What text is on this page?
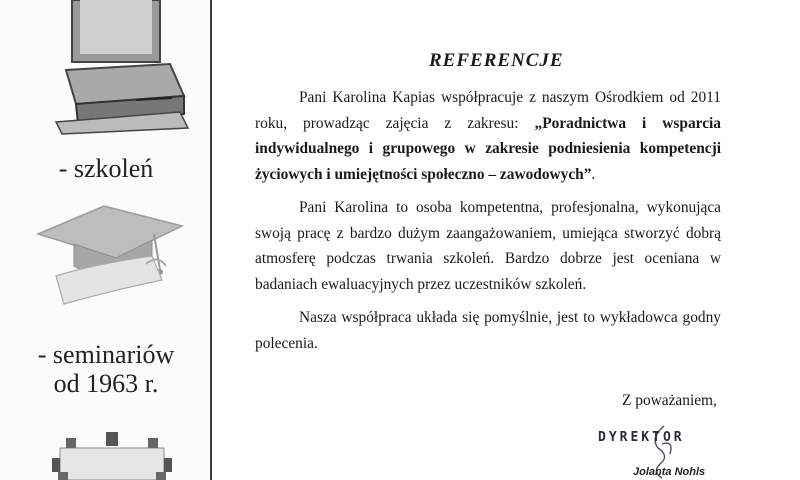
- szkoleń
- seminariów
od 1963 r.
REFERENCJE

Pani Karolina Kapias współpracuje z naszym Ośrodkiem od 2011 roku, prowadząc zajęcia z zakresu: „Poradnictwa i wsparcia indywidualnego i grupowego w zakresie podniesienia kompetencji życiowych i umiejętności społeczno – zawodowych”.

Pani Karolina to osoba kompetentna, profesjonalna, wykonująca swoją pracę z bardzo dużym zaangażowaniem, umiejąca stworzyć dobrą atmosferę podczas trwania szkoleń. Bardzo dobrze jest oceniana w badaniach ewaluacyjnych przez uczestników szkoleń.

Nasza współpraca układa się pomyślnie, jest to wykładowca godny polecenia.

Z poważaniem,
DYREKTOR
Jolanta Nohls
